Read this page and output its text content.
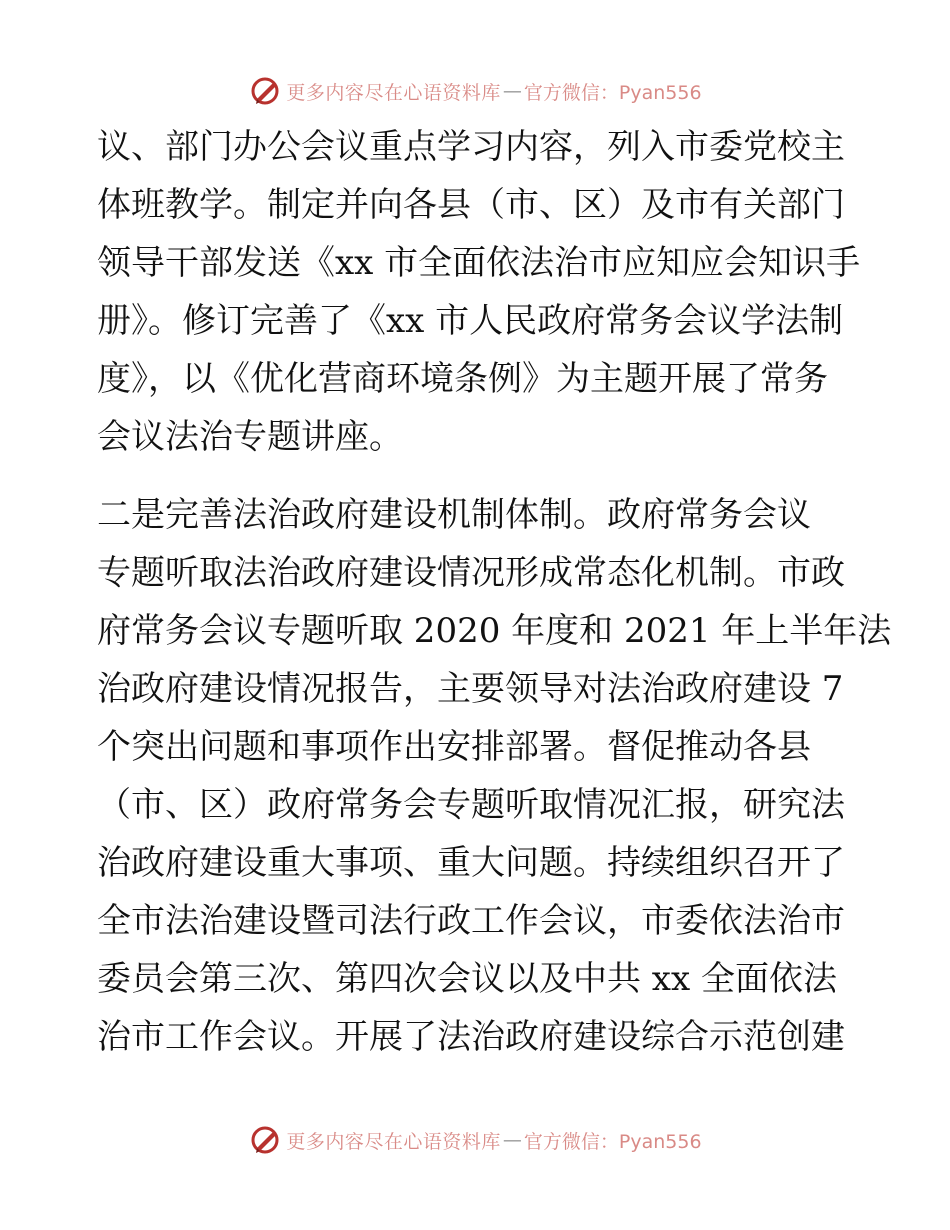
更多内容尽在心语资料库 — 官方微信：Pyan556

议、部门办公会议重点学习内容，列入市委党校主
体班教学。制定并向各县（市、区）及市有关部门
领导干部发送《xx 市全面依法治市应知应会知识手
册》。修订完善了《xx 市人民政府常务会议学法制
度》，以《优化营商环境条例》为主题开展了常务
会议法治专题讲座。

二是完善法治政府建设机制体制。政府常务会议
专题听取法治政府建设情况形成常态化机制。市政
府常务会议专题听取 2020 年度和 2021 年上半年法
治政府建设情况报告，主要领导对法治政府建设 7
个突出问题和事项作出安排部署。督促推动各县
（市、区）政府常务会专题听取情况汇报，研究法
治政府建设重大事项、重大问题。持续组织召开了
全市法治建设暨司法行政工作会议，市委依法治市
委员会第三次、第四次会议以及中共 xx 全面依法
治市工作会议。开展了法治政府建设综合示范创建

更多内容尽在心语资料库 — 官方微信：Pyan556
